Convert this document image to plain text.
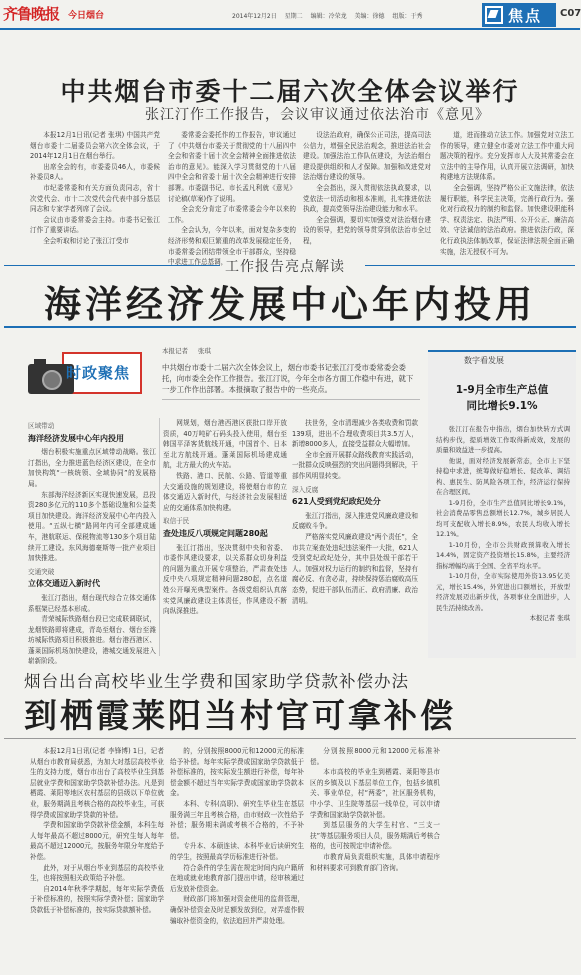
齐鲁晚报 今日烟台	2014年12月2日 星期二 编辑：冷荣龙 美编：徐德 组版：于秀	焦点 C07
中共烟台市委十二届六次全体会议举行
张江汀作工作报告，会议审议通过依法治市《意见》

本报12月1日讯(记者 张琪) 中国共产党烟台市委十二届委员会第六次全体会议，于2014年12月1日在烟台举行。

出席全会的有，市委委员46人，市委候补委员8人。

市纪委常委和有关方面负责同志，省十次党代会、市十二次党代会代表中部分基层同志和专家学者列席了会议。

会议由市委常委会主持。市委书记张江汀作了重要讲话。

全会听取和讨论了张江汀受市

委常委会委托作的工作报告，审议通过了《中共烟台市委关于贯彻党的十八届四中全会和省委十届十次全会精神全面推进依法治市的意见》。能深入学习贯彻党的十八届四中全会和省委十届十次全会精神进行安排部署。市委副书记、市长孟凡利就《意见》讨论稿(草案)作了说明。

全会充分肯定了市委常委会今年以来的工作。

全会认为，今年以来，面对复杂多变的经济形势和艰巨繁重的改革发展稳定任务，市委常委会团结带领全市干部群众，坚持稳中求进工作总基调，

设法治政府，确保公正司法，提高司法公信力，增强全民法治观念，推进法治社会建设。加强法治工作队伍建设，为法治烟台建设提供组织和人才保障。加强和改进党对法治烟台建设的领导。

全会指出，深入贯彻依法执政要求，以党依法一切活动和根本准则，扎实推进依法执政，提高党领导法治建设能力和水平。

全会强调，要切实加强党对法治烟台建设的领导，把党的领导贯穿到依法治市全过程，

道，进而推动立法工作。加强党对立法工作的领导，建立健全市委对立法工作中重大问题决策的程序。充分发挥市人大及其常委会在立法中的主导作用，认真开展立法调研，加快构建地方法规体系。

全会强调，坚持严格公正文施法律，依法履行职能，科学民主决策，完善行政行为。强化对行政权力的制约和监督。加快建设职能科学、权责法定、执法严明、公开公正、廉洁高效、守法诚信的法治政府。推进依法行政，深化行政执法体制改革，保证法律法规全面正确实施，法无授权不可为。

工作报告亮点解读
海洋经济发展中心年内投用
时政聚焦
本报记者 张琪
中共烟台市委十二届六次全体会议上，烟台市委书记张江汀受市委常委会委托，向市委全会作工作报告。张江汀说，今年全市各方面工作稳中有进，就下一步工作作出部署。本报摘取了报告中的一些亮点。

区域带动

海洋经济发展中心年内投用

烟台积极实施重点区域带动战略。张江汀指出，全力推进蓝色经济区建设，在全市加快构筑“一核统领、全域协同”的发展格局。

东部海洋经济新区实现快速发展，总投资280多亿元的110多个基础设施和公益类项目加快建设。海洋经济发展中心年内投入使用。“五纵七横”路网年内可全部建成通车，港航联运、保税物流等130多个项目陆续开工建设。东风海德豪斯等一批产业项目加快推进。

交通突破

立体交通迈入新时代

张江汀指出，烟台现代综合立体交通体系框架已经基本形成。

青荣城际铁路烟台段已完成联调联试，龙烟铁路即将建成，青岛至烟台、烟台至潍坊城际铁路项目积极推进。烟台港西港区、蓬莱国际机场加快建设，港城交通发展进入崭新阶段。

网规划，烟台港西港区获批口岸开放资质，40万吨矿石码头投入使用，烟台至韩国平泽客货航线开通，中国首个、日本至北方航线开通。蓬莱国际机场建成通航，北方最大的火车站。

铁路、港口、民航、公路、管道等重大交通设施的规划建设，将使烟台市的立体交通迈入新时代，与经济社会发展相适应的交通体系加快构建。

取信于民

查处违反八项规定问题280起

张江汀指出，坚决贯彻中央和省委、市委作风建设要求，以关系群众切身利益的问题为重点开展专项整治，严肃查处违反中央八项规定精神问题280起，点名道姓公开曝光典型案件。各级党组织认真落实党风廉政建设主体责任，作风建设不断向纵深推进。

扶世务，全市清理减少各类收费和罚款139项，进出不合理收费项目共3.5万人，新增8000多人，直接受益群众大幅增加。

全市全面开展群众路线教育实践活动，一批群众反映强烈的突出问题得到解决，干部作风明显转变。

深入反腐

621人受到党纪政纪处分

张江汀指出，深入推进党风廉政建设和反腐败斗争。

严格落实党风廉政建设“两个责任”，全市共立案查处违纪违法案件一大批，621人受到党纪政纪处分，其中县处级干部若干人。加强对权力运行的制约和监督，坚持有腐必反、有贪必肃，持续保持惩治腐败高压态势，促进干部队伍清正、政府清廉、政治清明。

数字看发展
1-9月全市生产总值
同比增长9.1%

张江汀在报告中指出，烟台加快转方式调结构步伐，提质增效工作取得新成效，发展的质量和效益进一步提高。

他说，面对经济发展新常态，全市上下坚持稳中求进，统筹做好稳增长、促改革、调结构、惠民生、防风险各项工作，经济运行保持在合理区间。

1-9月份，全市生产总值同比增长9.1%，社会消费品零售总额增长12.7%，城乡居民人均可支配收入增长8.9%，农民人均收入增长12.1%。

1-10月份，全市公共财政预算收入增长14.4%，固定资产投资增长15.8%，主要经济指标增幅均高于全国、全省平均水平。

1-10月份，全市实际使用外资13.95亿美元，增长15.4%，外贸进出口额增长，开放型经济发展迈出新步伐，各项事业全面进步，人民生活持续改善。

本报记者 张琪
烟台出台高校毕业生学费和国家助学贷款补偿办法
到栖霞莱阳当村官可拿补偿

本报12月1日讯(记者 李锋博) 1日，记者从烟台市教育局获悉，为加大对基层高校毕业生的支持力度，烟台市出台了高校毕业生到基层就业学费和国家助学贷款补偿办法。凡是到栖霞、莱阳等地区农村基层的县级以下单位就业，服务期满且考核合格的高校毕业生，可获得学费或国家助学贷款的补偿。

学费和国家助学贷款补偿金额，本科生每人每年最高不超过8000元，研究生每人每年最高不超过12000元，按服务年限分年度给予补偿。

此外，对于从烟台毕业到基层的高校毕业生，也将按照相关政策给予补偿。

自2014年秋季学期起，每年实际学费低于补偿标准的，按照实际学费补偿；国家助学贷款低于补偿标准的，按实际贷款额补偿。

的，分别按照8000元和12000元的标准给予补偿。每年实际学费或国家助学贷款低于补偿标准的，按实际发生额进行补偿，每年补偿金额不超过当年实际学费或国家助学贷款本金。

本科、专科(高职)、研究生毕业生在基层服务满三年且考核合格，由市财政一次性给予补偿；服务期未满或考核不合格的，不予补偿。

专升本、本硕连读、本科毕业后读研究生的学生，按照最高学历标准进行补偿。

符合条件的学生需在规定时间内向户籍所在地或就业地教育部门提出申请，经审核通过后发放补偿资金。

财政部门将加强对资金使用的监督管理，确保补偿资金及时足额发放到位，对弄虚作假骗取补偿资金的，依法追回并严肃处理。

分别按照8000元和12000元标准补偿。

本市高校的毕业生到栖霞、莱阳等县市区的乡镇及以下基层单位工作，包括乡镇机关、事业单位，村“两委”，社区服务机构，中小学、卫生院等基层一线单位，可以申请学费和国家助学贷款补偿。

到基层服务的大学生村官、“三支一扶”等基层服务项目人员，服务期满后考核合格的，也可按规定申请补偿。

市教育局负责组织实施，具体申请程序和材料要求可到教育部门咨询。
